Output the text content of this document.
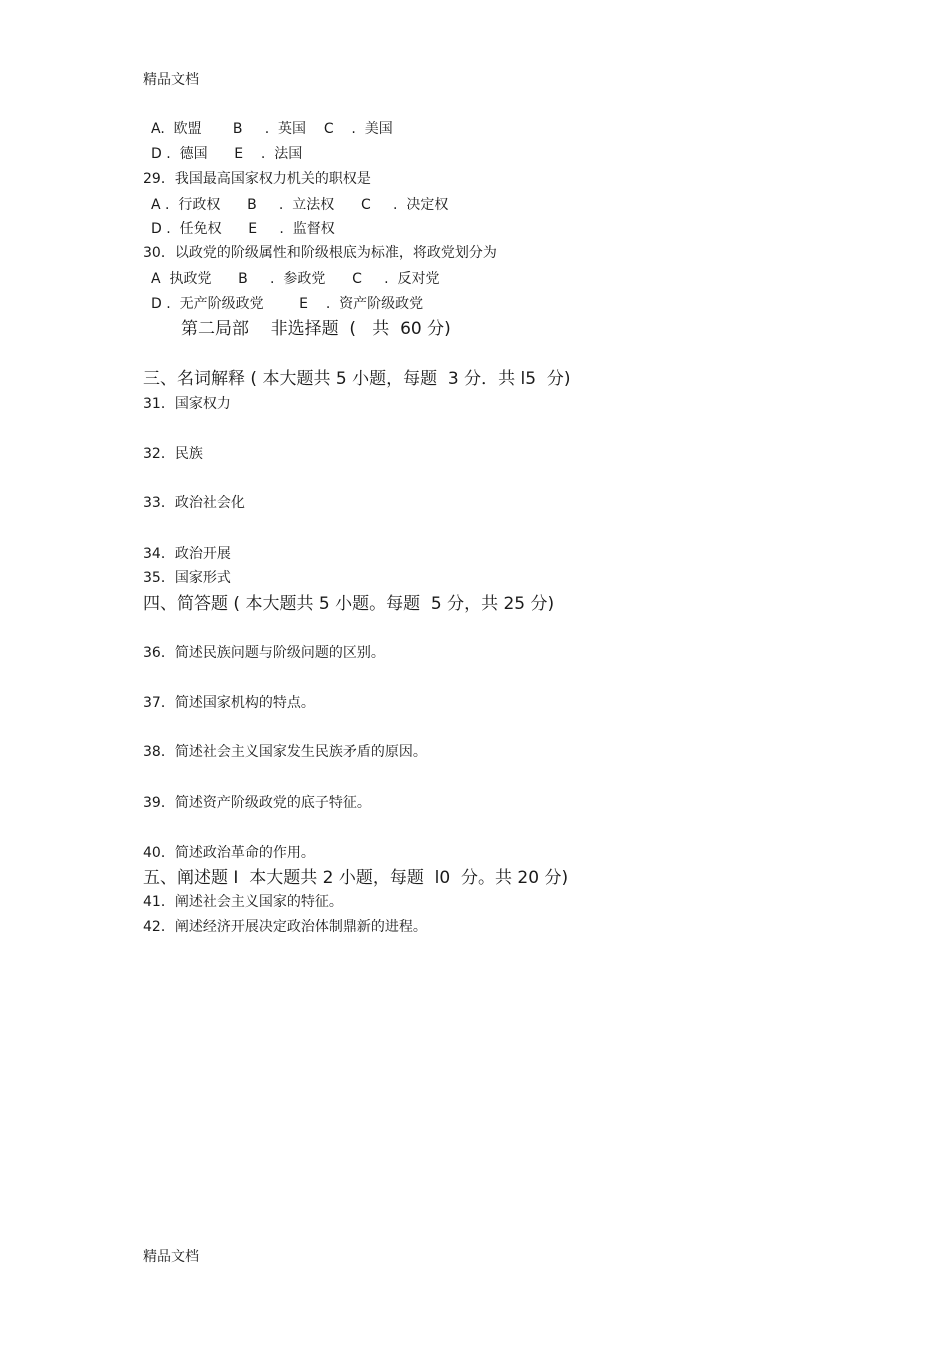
精品文档
A.  欧盟       B     .  英国    C    .  美国
D .  德国      E    .  法国
29．我国最高国家权力机关的职权是
A .  行政权      B     .  立法权      C     .  决定权
D .  任免权      E     .  监督权
30．以政党的阶级属性和阶级根底为标准，将政党划分为
A  执政党      B     .  参政党      C     .  反对党
D .  无产阶级政党        E    .  资产阶级政党
第二局部    非选择题  (   共  60 分)
三、名词解释 ( 本大题共 5 小题，每题  3 分．共 l5  分)
31．国家权力
32．民族
33．政治社会化
34．政治开展
35．国家形式
四、简答题 ( 本大题共 5 小题。每题  5 分，共 25 分)
36．简述民族问题与阶级问题的区别。
37．简述国家机构的特点。
38．简述社会主义国家发生民族矛盾的原因。
39．简述资产阶级政党的底子特征。
40．简述政治革命的作用。
五、阐述题 I  本大题共 2 小题，每题  l0  分。共 20 分)
41．阐述社会主义国家的特征。
42．阐述经济开展决定政治体制鼎新的进程。
精品文档
